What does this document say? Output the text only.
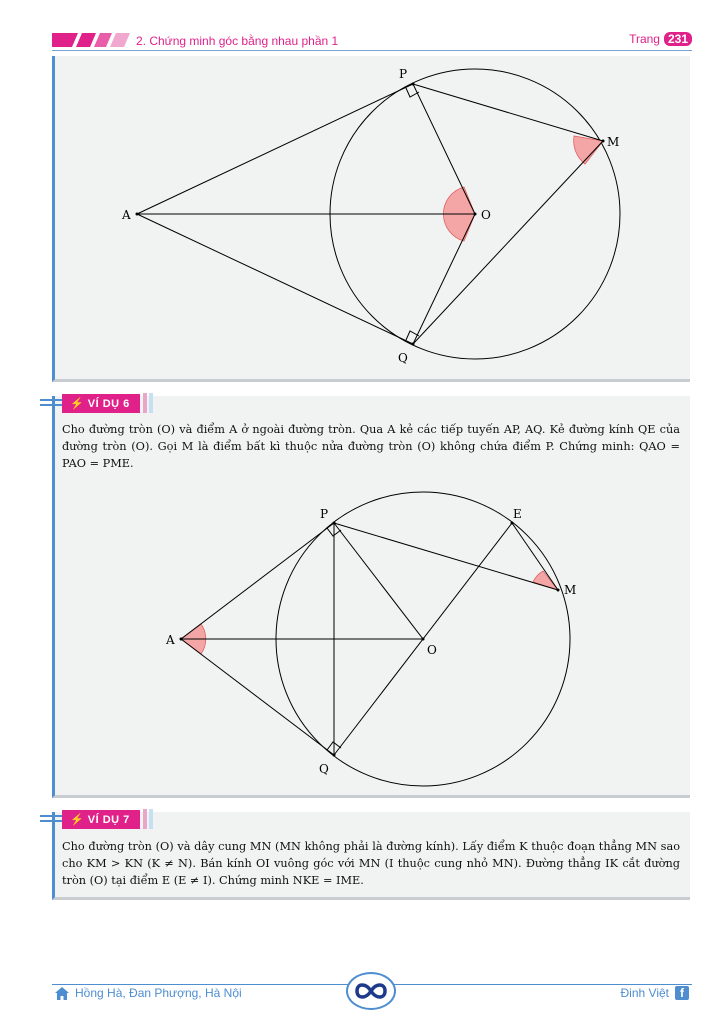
2. Chứng minh góc bằng nhau phần 1	Trang 231
A
P
M
O
Q
⚡ VÍ DỤ 6
Cho đường tròn (O) và điểm A ở ngoài đường tròn. Qua A kẻ các tiếp tuyến AP, AQ. Kẻ đường kính QE của đường tròn (O). Gọi M là điểm bất kì thuộc nửa đường tròn (O) không chứa điểm P. Chứng minh: QAO = PAO = PME.
A
P	E
M
O
Q
⚡ VÍ DỤ 7
Cho đường tròn (O) và dây cung MN (MN không phải là đường kính). Lấy điểm K thuộc đoạn thẳng MN sao cho KM > KN (K ≠ N). Bán kính OI vuông góc với MN (I thuộc cung nhỏ MN). Đường thẳng IK cắt đường tròn (O) tại điểm E (E ≠ I). Chứng minh NKE = IME.
Hồng Hà, Đan Phượng, Hà Nội	Đinh Việt f
